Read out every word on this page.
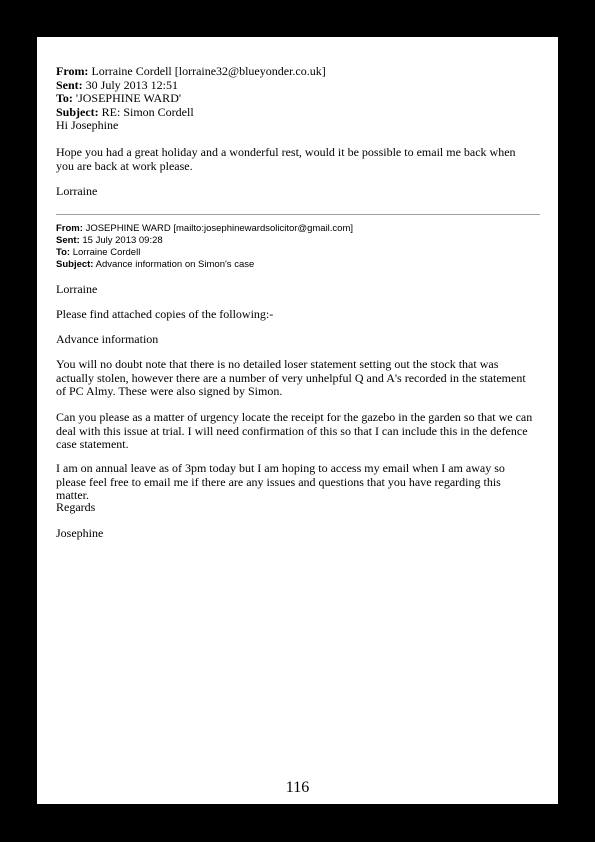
From: Lorraine Cordell [lorraine32@blueyonder.co.uk]
Sent: 30 July 2013 12:51
To: 'JOSEPHINE WARD'
Subject: RE: Simon Cordell
Hi Josephine
Hope you had a great holiday and a wonderful rest, would it be possible to email me back when you are back at work please.
Lorraine
From: JOSEPHINE WARD [mailto:josephinewardsolicitor@gmail.com]
Sent: 15 July 2013 09:28
To: Lorraine Cordell
Subject: Advance information on Simon's case
Lorraine
Please find attached copies of the following:-
Advance information
You will no doubt note that there is no detailed loser statement setting out the stock that was actually stolen, however there are a number of very unhelpful Q and A's recorded in the statement of PC Almy. These were also signed by Simon.
Can you please as a matter of urgency locate the receipt for the gazebo in the garden so that we can deal with this issue at trial. I will need confirmation of this so that I can include this in the defence case statement.
I am on annual leave as of 3pm today but I am hoping to access my email when I am away so please feel free to email me if there are any issues and questions that you have regarding this matter.
Regards
Josephine
116
